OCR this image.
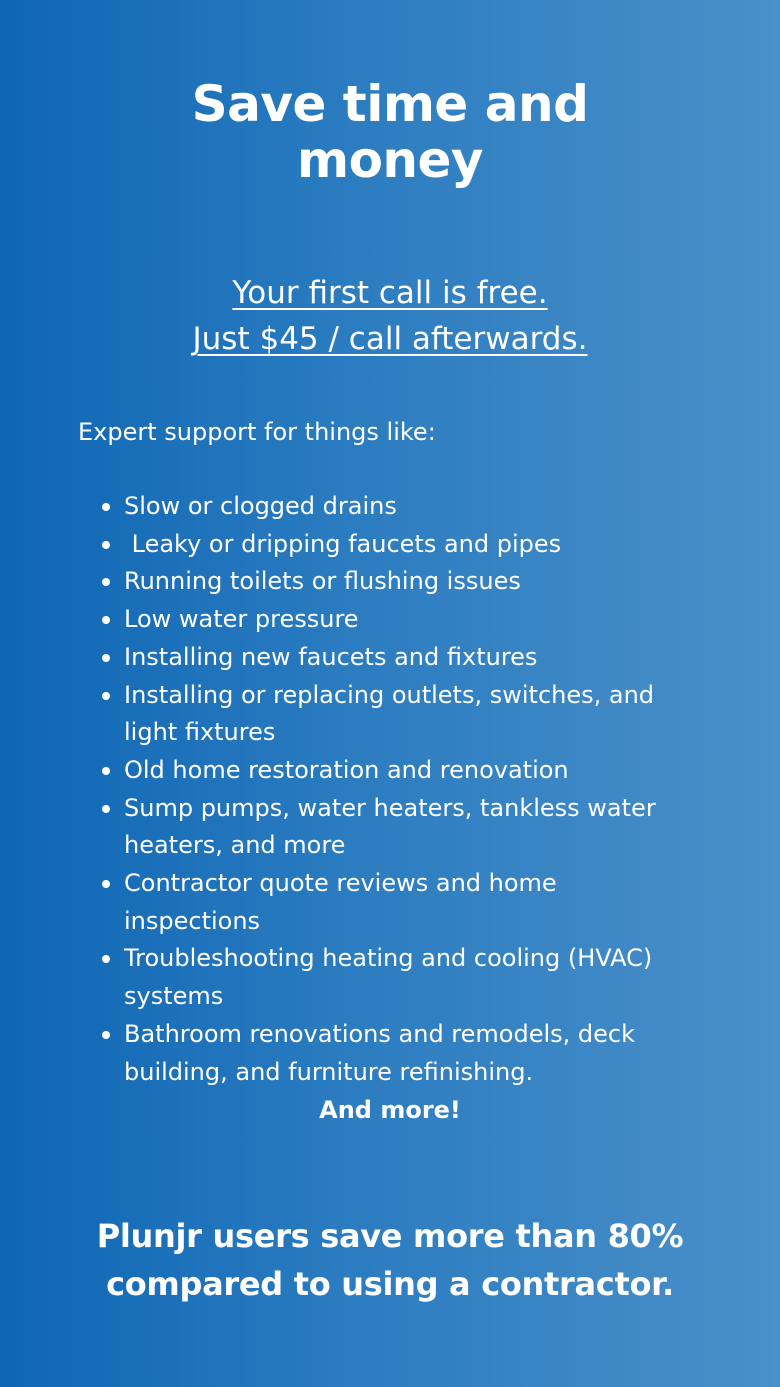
Save time and
money
Your first call is free.
Just $45 / call afterwards.

Expert support for things like:

Slow or clogged drains
Leaky or dripping faucets and pipes
Running toilets or flushing issues
Low water pressure
Installing new faucets and fixtures
Installing or replacing outlets, switches, and light fixtures
Old home restoration and renovation
Sump pumps, water heaters, tankless water heaters, and more
Contractor quote reviews and home inspections
Troubleshooting heating and cooling (HVAC) systems
Bathroom renovations and remodels, deck building, and furniture refinishing.

And more!

Plunjr users save more than 80%
compared to using a contractor.
